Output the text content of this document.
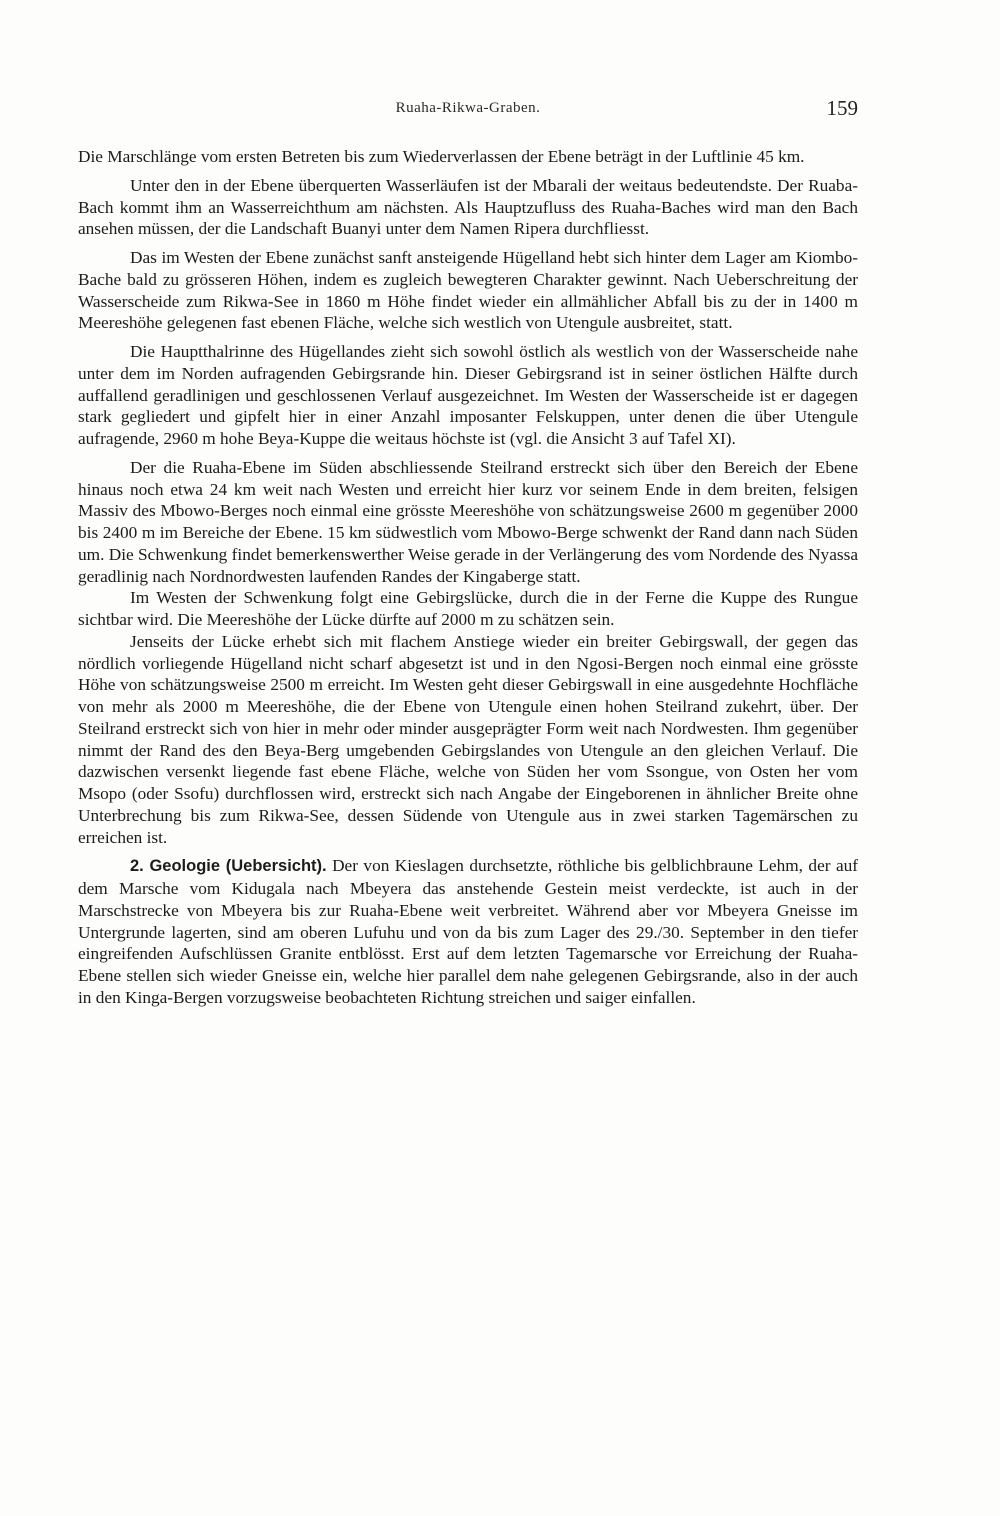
Ruaha-Rikwa-Graben.	159

Die Marschlänge vom ersten Betreten bis zum Wiederverlassen der Ebene beträgt in der Luftlinie 45 km.

Unter den in der Ebene überquerten Wasserläufen ist der Mbarali der weitaus bedeutendste. Der Ruaba-Bach kommt ihm an Wasserreichthum am nächsten. Als Hauptzufluss des Ruaha-Baches wird man den Bach ansehen müssen, der die Landschaft Buanyi unter dem Namen Ripera durchfliesst.

Das im Westen der Ebene zunächst sanft ansteigende Hügelland hebt sich hinter dem Lager am Kiombo-Bache bald zu grösseren Höhen, indem es zugleich bewegteren Charakter gewinnt. Nach Ueberschreitung der Wasserscheide zum Rikwa-See in 1860 m Höhe findet wieder ein allmählicher Abfall bis zu der in 1400 m Meereshöhe gelegenen fast ebenen Fläche, welche sich westlich von Utengule ausbreitet, statt.

Die Hauptthalrinne des Hügellandes zieht sich sowohl östlich als westlich von der Wasserscheide nahe unter dem im Norden aufragenden Gebirgsrande hin. Dieser Gebirgsrand ist in seiner östlichen Hälfte durch auffallend geradlinigen und geschlossenen Verlauf ausgezeichnet. Im Westen der Wasserscheide ist er dagegen stark gegliedert und gipfelt hier in einer Anzahl imposanter Felskuppen, unter denen die über Utengule aufragende, 2960 m hohe Beya-Kuppe die weitaus höchste ist (vgl. die Ansicht 3 auf Tafel XI).

Der die Ruaha-Ebene im Süden abschliessende Steilrand erstreckt sich über den Bereich der Ebene hinaus noch etwa 24 km weit nach Westen und erreicht hier kurz vor seinem Ende in dem breiten, felsigen Massiv des Mbowo-Berges noch einmal eine grösste Meereshöhe von schätzungsweise 2600 m gegenüber 2000 bis 2400 m im Bereiche der Ebene. 15 km südwestlich vom Mbowo-Berge schwenkt der Rand dann nach Süden um. Die Schwenkung findet bemerkenswerther Weise gerade in der Verlängerung des vom Nordende des Nyassa geradlinig nach Nordnordwesten laufenden Randes der Kingaberge statt.

Im Westen der Schwenkung folgt eine Gebirgslücke, durch die in der Ferne die Kuppe des Rungue sichtbar wird. Die Meereshöhe der Lücke dürfte auf 2000 m zu schätzen sein.

Jenseits der Lücke erhebt sich mit flachem Anstiege wieder ein breiter Gebirgswall, der gegen das nördlich vorliegende Hügelland nicht scharf abgesetzt ist und in den Ngosi-Bergen noch einmal eine grösste Höhe von schätzungsweise 2500 m erreicht. Im Westen geht dieser Gebirgswall in eine ausgedehnte Hochfläche von mehr als 2000 m Meereshöhe, die der Ebene von Utengule einen hohen Steilrand zukehrt, über. Der Steilrand erstreckt sich von hier in mehr oder minder ausgeprägter Form weit nach Nordwesten. Ihm gegenüber nimmt der Rand des den Beya-Berg umgebenden Gebirgslandes von Utengule an den gleichen Verlauf. Die dazwischen versenkt liegende fast ebene Fläche, welche von Süden her vom Ssongue, von Osten her vom Msopo (oder Ssofu) durchflossen wird, erstreckt sich nach Angabe der Eingeborenen in ähnlicher Breite ohne Unterbrechung bis zum Rikwa-See, dessen Südende von Utengule aus in zwei starken Tagemärschen zu erreichen ist.

2. Geologie (Uebersicht). Der von Kieslagen durchsetzte, röthliche bis gelblichbraune Lehm, der auf dem Marsche vom Kidugala nach Mbeyera das anstehende Gestein meist verdeckte, ist auch in der Marschstrecke von Mbeyera bis zur Ruaha-Ebene weit verbreitet. Während aber vor Mbeyera Gneisse im Untergrunde lagerten, sind am oberen Lufuhu und von da bis zum Lager des 29./30. September in den tiefer eingreifenden Aufschlüssen Granite entblösst. Erst auf dem letzten Tagemarsche vor Erreichung der Ruaha-Ebene stellen sich wieder Gneisse ein, welche hier parallel dem nahe gelegenen Gebirgsrande, also in der auch in den Kinga-Bergen vorzugsweise beobachteten Richtung streichen und saiger einfallen.
